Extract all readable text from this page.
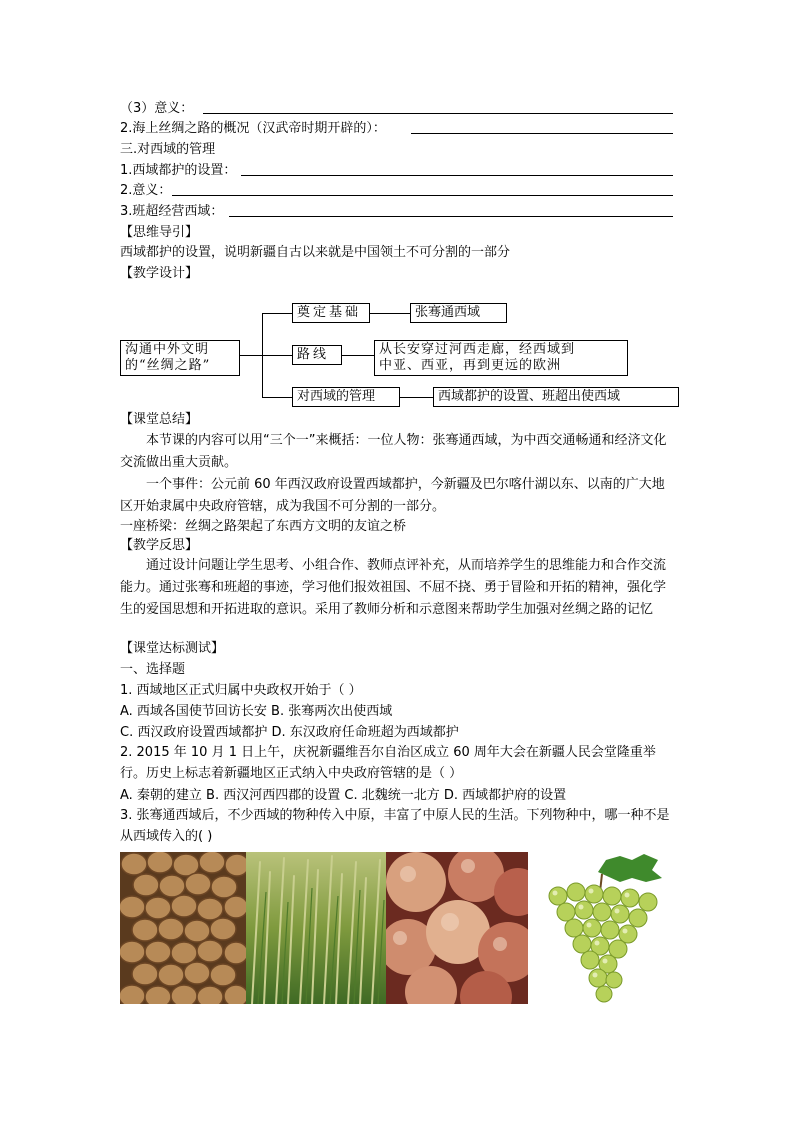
（3）意义：
2.海上丝绸之路的概况（汉武帝时期开辟的）：
三.对西域的管理
1.西域都护的设置：
2.意义：
3.班超经营西域：
【思维导引】
西域都护的设置，说明新疆自古以来就是中国领土不可分割的一部分
【教学设计】
沟通中外文明
的“丝绸之路”
奠定基础	张骞通西域
路线	从长安穿过河西走廊，经西域到
中亚、西亚，再到更远的欧洲
对西域的管理	西域都护的设置、班超出使西域
【课堂总结】
本节课的内容可以用“三个一”来概括：一位人物：张骞通西域，为中西交通畅通和经济文化交流做出重大贡献。
一个事件：公元前 60 年西汉政府设置西域都护，今新疆及巴尔喀什湖以东、以南的广大地区开始隶属中央政府管辖，成为我国不可分割的一部分。
一座桥梁：丝绸之路架起了东西方文明的友谊之桥
【教学反思】
通过设计问题让学生思考、小组合作、教师点评补充，从而培养学生的思维能力和合作交流能力。通过张骞和班超的事迹，学习他们报效祖国、不屈不挠、勇于冒险和开拓的精神，强化学生的爱国思想和开拓进取的意识。采用了教师分析和示意图来帮助学生加强对丝绸之路的记忆
【课堂达标测试】
一、选择题
1. 西域地区正式归属中央政权开始于（ ）
A. 西域各国使节回访长安 B. 张骞两次出使西域
C. 西汉政府设置西域都护 D. 东汉政府任命班超为西域都护
2. 2015 年 10 月 1 日上午，庆祝新疆维吾尔自治区成立 60 周年大会在新疆人民会堂隆重举行。历史上标志着新疆地区正式纳入中央政府管辖的是（ ）
A. 秦朝的建立 B. 西汉河西四郡的设置 C. 北魏统一北方 D. 西域都护府的设置
3. 张骞通西域后，不少西域的物种传入中原，丰富了中原人民的生活。下列物种中，哪一种不是从西域传入的( )
